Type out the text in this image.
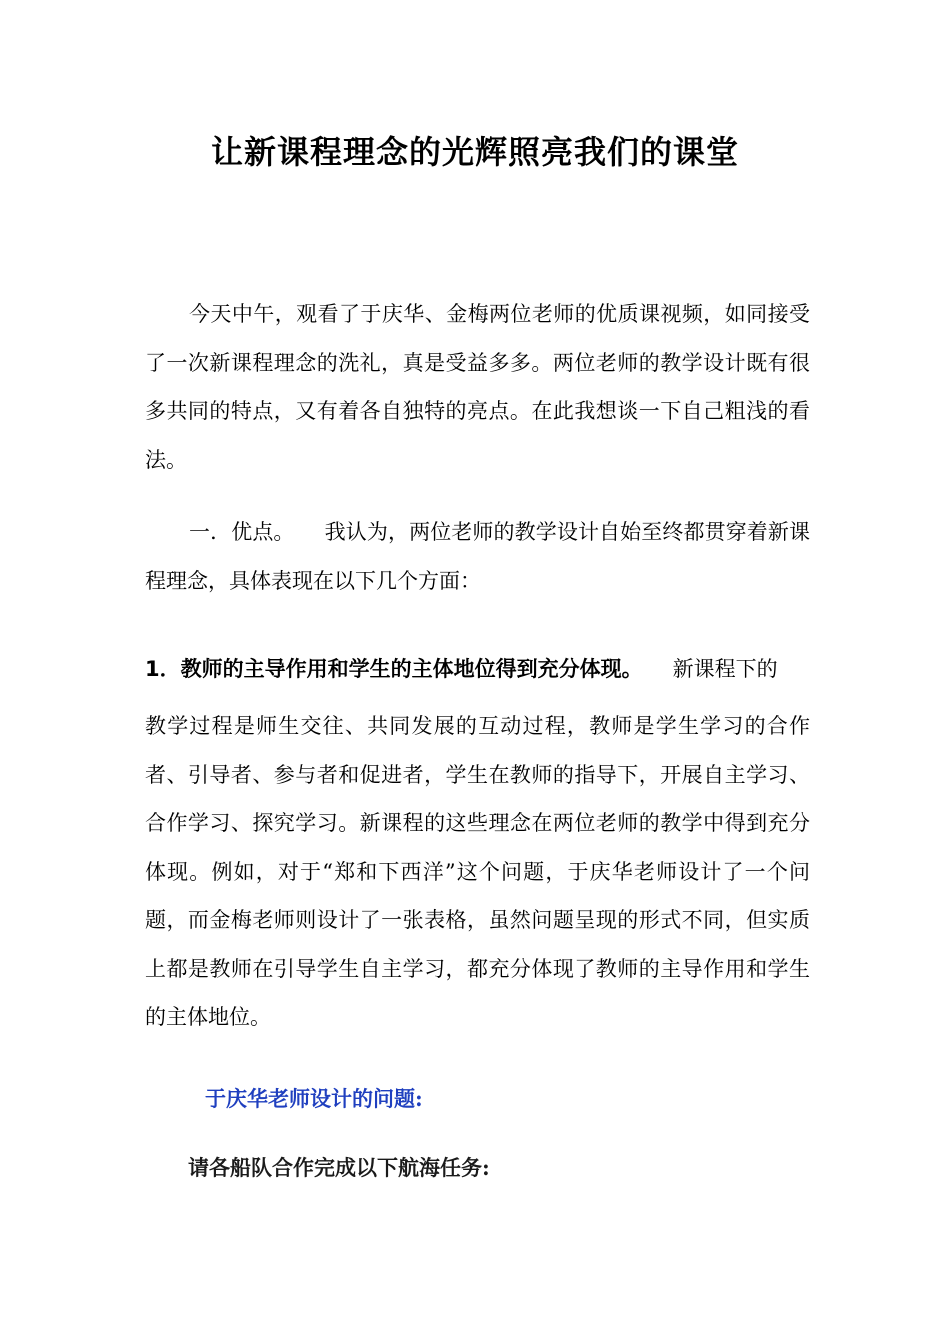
让新课程理念的光辉照亮我们的课堂

今天中午，观看了于庆华、金梅两位老师的优质课视频，如同接受了一次新课程理念的洗礼，真是受益多多。两位老师的教学设计既有很多共同的特点，又有着各自独特的亮点。在此我想谈一下自己粗浅的看法。

一．优点。 我认为，两位老师的教学设计自始至终都贯穿着新课程理念，具体表现在以下几个方面：

1．教师的主导作用和学生的主体地位得到充分体现。 新课程下的
教学过程是师生交往、共同发展的互动过程，教师是学生学习的合作者、引导者、参与者和促进者，学生在教师的指导下，开展自主学习、合作学习、探究学习。新课程的这些理念在两位老师的教学中得到充分体现。例如，对于“郑和下西洋”这个问题，于庆华老师设计了一个问题，而金梅老师则设计了一张表格，虽然问题呈现的形式不同，但实质上都是教师在引导学生自主学习，都充分体现了教师的主导作用和学生的主体地位。

于庆华老师设计的问题:
请各船队合作完成以下航海任务:
